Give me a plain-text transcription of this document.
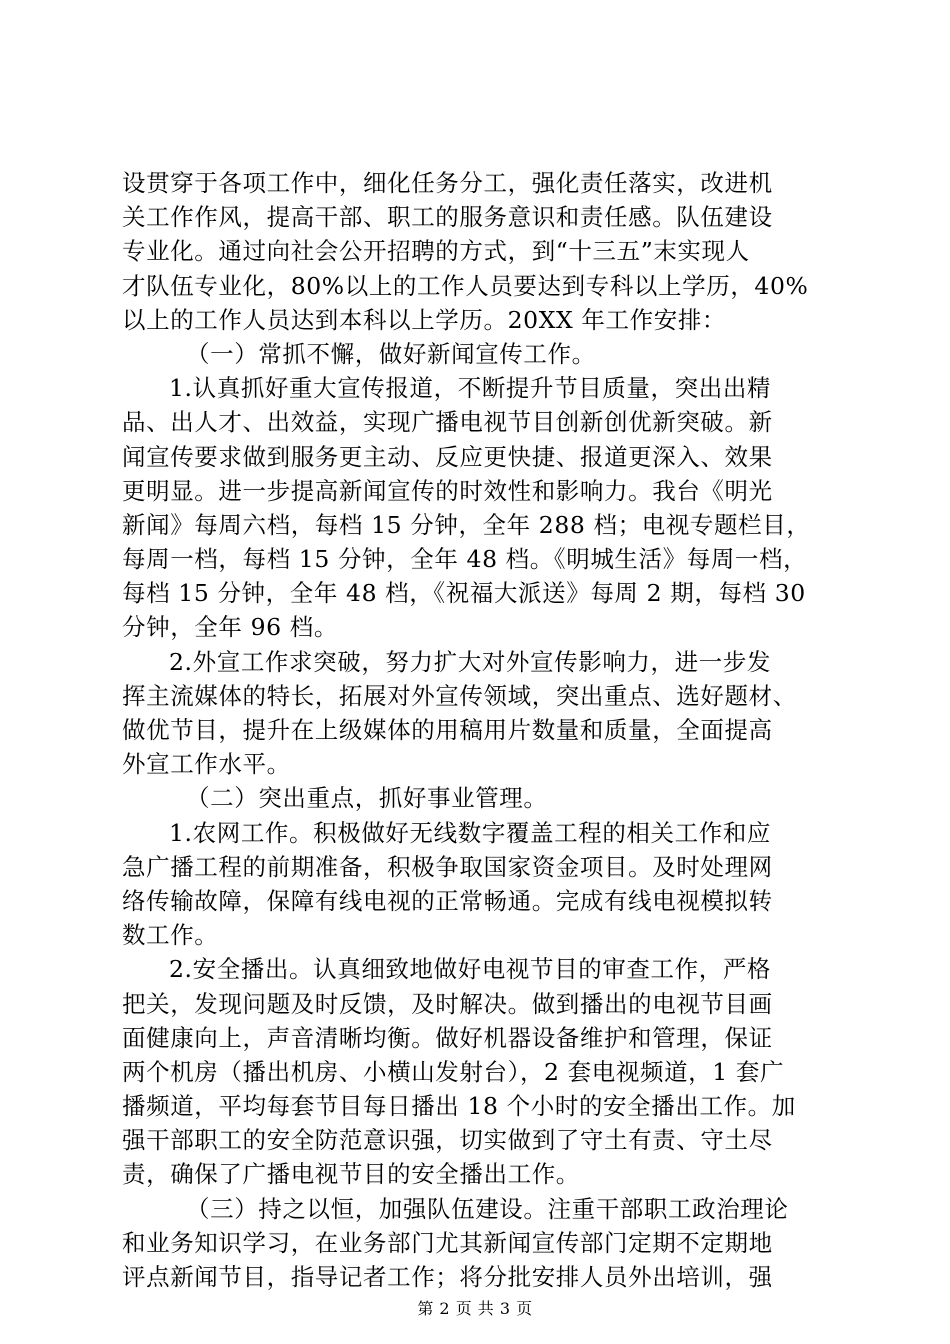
设贯穿于各项工作中，细化任务分工，强化责任落实，改进机
关工作作风，提高干部、职工的服务意识和责任感。队伍建设
专业化。通过向社会公开招聘的方式，到“十三五”末实现人
才队伍专业化，80%以上的工作人员要达到专科以上学历，40%
以上的工作人员达到本科以上学历。20XX 年工作安排：
（一）常抓不懈，做好新闻宣传工作。
1.认真抓好重大宣传报道，不断提升节目质量，突出出精
品、出人才、出效益，实现广播电视节目创新创优新突破。新
闻宣传要求做到服务更主动、反应更快捷、报道更深入、效果
更明显。进一步提高新闻宣传的时效性和影响力。我台《明光
新闻》每周六档，每档 15 分钟，全年 288 档；电视专题栏目，
每周一档，每档 15 分钟，全年 48 档。《明城生活》每周一档，
每档 15 分钟，全年 48 档，《祝福大派送》每周 2 期，每档 30
分钟，全年 96 档。
2.外宣工作求突破，努力扩大对外宣传影响力，进一步发
挥主流媒体的特长，拓展对外宣传领域，突出重点、选好题材、
做优节目，提升在上级媒体的用稿用片数量和质量，全面提高
外宣工作水平。
（二）突出重点，抓好事业管理。
1.农网工作。积极做好无线数字覆盖工程的相关工作和应
急广播工程的前期准备，积极争取国家资金项目。及时处理网
络传输故障，保障有线电视的正常畅通。完成有线电视模拟转
数工作。
2.安全播出。认真细致地做好电视节目的审查工作，严格
把关，发现问题及时反馈，及时解决。做到播出的电视节目画
面健康向上，声音清晰均衡。做好机器设备维护和管理，保证
两个机房（播出机房、小横山发射台），2 套电视频道，1 套广
播频道，平均每套节目每日播出 18 个小时的安全播出工作。加
强干部职工的安全防范意识强，切实做到了守土有责、守土尽
责，确保了广播电视节目的安全播出工作。
（三）持之以恒，加强队伍建设。注重干部职工政治理论
和业务知识学习，在业务部门尤其新闻宣传部门定期不定期地
评点新闻节目，指导记者工作；将分批安排人员外出培训，强
第 2 页 共 3 页
